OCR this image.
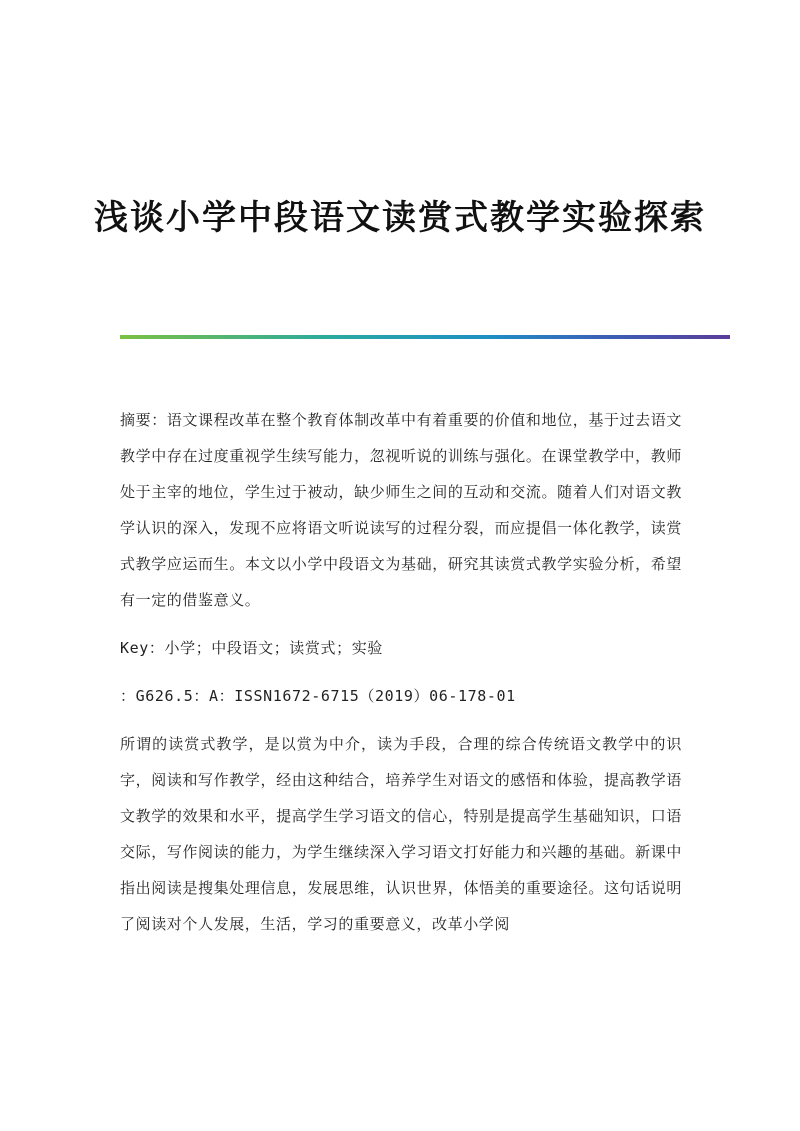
浅谈小学中段语文读赏式教学实验探索

摘要：语文课程改革在整个教育体制改革中有着重要的价值和地位，基于过去语文教学中存在过度重视学生续写能力，忽视听说的训练与强化。在课堂教学中，教师处于主宰的地位，学生过于被动，缺少师生之间的互动和交流。随着人们对语文教学认识的深入，发现不应将语文听说读写的过程分裂，而应提倡一体化教学，读赏式教学应运而生。本文以小学中段语文为基础，研究其读赏式教学实验分析，希望有一定的借鉴意义。

Key：小学；中段语文；读赏式；实验

：G626.5：A：ISSN1672-6715（2019）06-178-01

所谓的读赏式教学，是以赏为中介，读为手段，合理的综合传统语文教学中的识字，阅读和写作教学，经由这种结合，培养学生对语文的感悟和体验，提高教学语文教学的效果和水平，提高学生学习语文的信心，特别是提高学生基础知识，口语交际，写作阅读的能力，为学生继续深入学习语文打好能力和兴趣的基础。新课中指出阅读是搜集处理信息，发展思维，认识世界，体悟美的重要途径。这句话说明了阅读对个人发展，生活，学习的重要意义，改革小学阅
